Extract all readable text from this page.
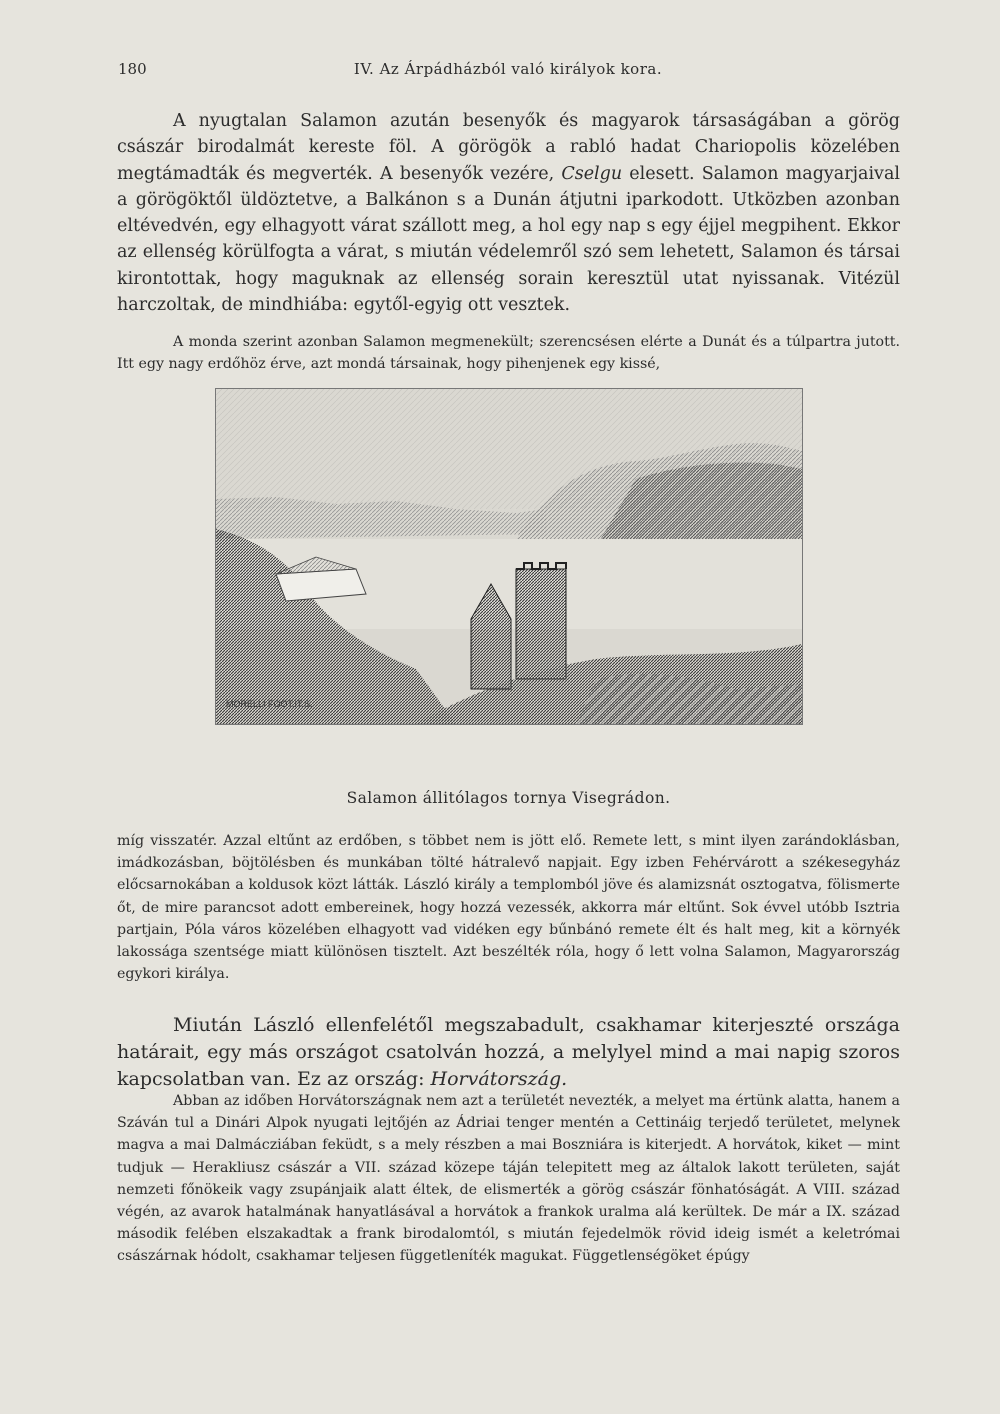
180	IV. Az Árpádházból való királyok kora.

A nyugtalan Salamon azután besenyők és magyarok társaságában a görög császár birodalmát kereste föl. A görögök a rabló hadat Chariopolis közelében megtámadták és megverték. A besenyők vezére, Cselgu elesett. Salamon magyarjaival a görögöktől üldöztetve, a Balkánon s a Dunán átjutni iparkodott. Utközben azonban eltévedvén, egy elhagyott várat szállott meg, a hol egy nap s egy éjjel megpihent. Ekkor az ellenség körülfogta a várat, s miután védelemről szó sem lehetett, Salamon és társai kirontottak, hogy maguknak az ellenség sorain keresztül utat nyissanak. Vitézül harczoltak, de mindhiába: egytől-egyig ott vesztek.

A monda szerint azonban Salamon megmenekült; szerencsésen elérte a Dunát és a túlpartra jutott. Itt egy nagy erdőhöz érve, azt mondá társainak, hogy pihenjenek egy kissé,

MORELLI FOOT.IT.S.
Salamon állitólagos tornya Visegrádon.

míg visszatér. Azzal eltűnt az erdőben, s többet nem is jött elő. Remete lett, s mint ilyen zarándoklásban, imádkozásban, böjtölésben és munkában tölté hátralevő napjait. Egy izben Fehérvárott a székesegyház előcsarnokában a koldusok közt látták. László király a templomból jöve és alamizsnát osztogatva, fölismerte őt, de mire parancsot adott embereinek, hogy hozzá vezessék, akkorra már eltűnt. Sok évvel utóbb Isztria partjain, Póla város közelében elhagyott vad vidéken egy bűnbánó remete élt és halt meg, kit a környék lakossága szentsége miatt különösen tisztelt. Azt beszélték róla, hogy ő lett volna Salamon, Magyarország egykori királya.

Miután László ellenfelétől megszabadult, csakhamar kiterjeszté országa határait, egy más országot csatolván hozzá, a melylyel mind a mai napig szoros kapcsolatban van. Ez az ország: Horvátország.

Abban az időben Horvátországnak nem azt a területét nevezték, a melyet ma értünk alatta, hanem a Száván tul a Dinári Alpok nyugati lejtőjén az Ádriai tenger mentén a Cettináig terjedő területet, melynek magva a mai Dalmácziában feküdt, s a mely részben a mai Boszniára is kiterjedt. A horvátok, kiket — mint tudjuk — Herakliusz császár a VII. század közepe táján telepitett meg az általok lakott területen, saját nemzeti főnökeik vagy zsupánjaik alatt éltek, de elismerték a görög császár fönhatóságát. A VIII. század végén, az avarok hatalmának hanyatlásával a horvátok a frankok uralma alá kerültek. De már a IX. század második felében elszakadtak a frank birodalomtól, s miután fejedelmök rövid ideig ismét a keletrómai császárnak hódolt, csakhamar teljesen függetleníték magukat. Függetlenségöket épúgy
